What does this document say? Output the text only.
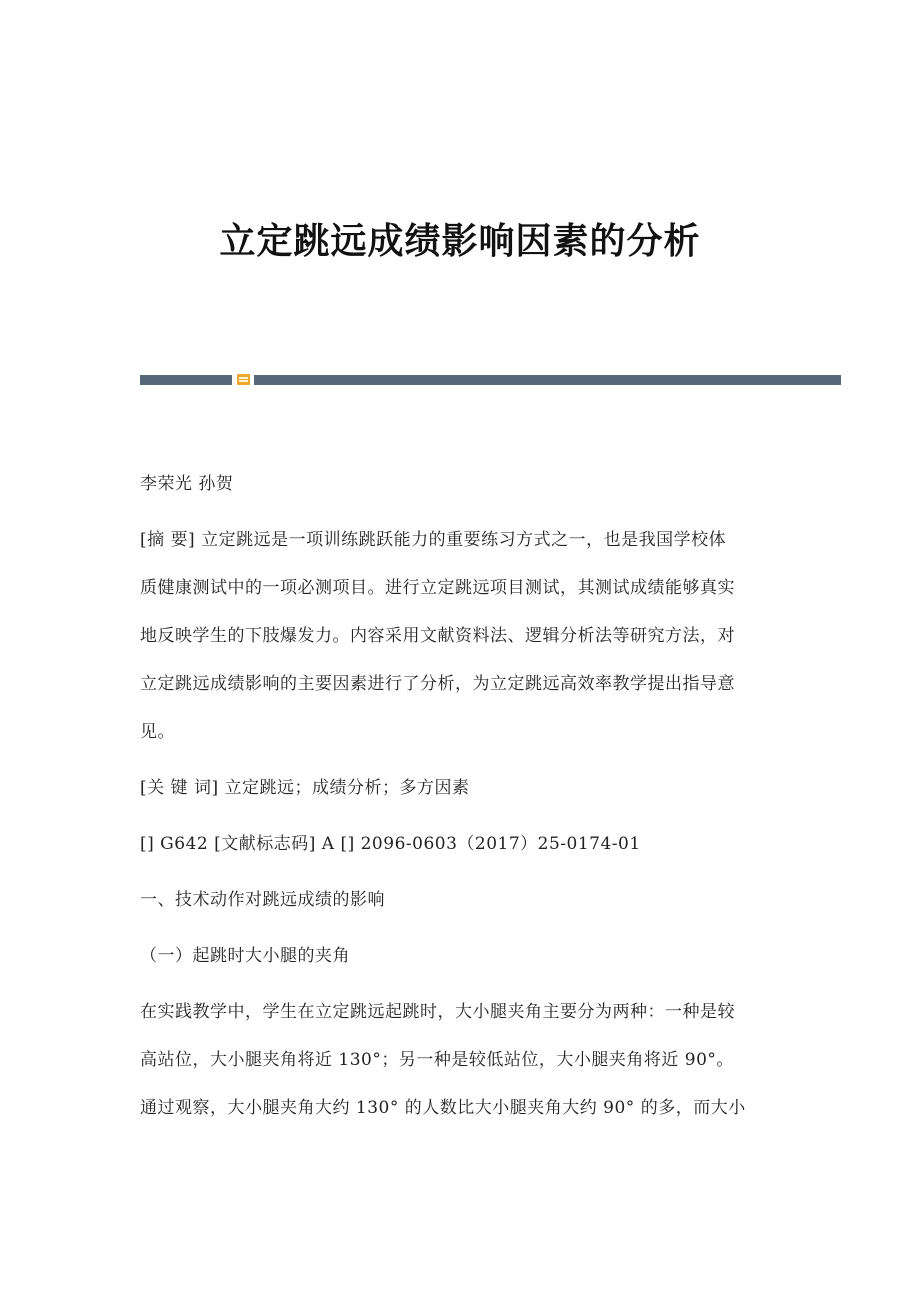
立定跳远成绩影响因素的分析
李荣光 孙贺
[摘 要] 立定跳远是一项训练跳跃能力的重要练习方式之一，也是我国学校体
质健康测试中的一项必测项目。进行立定跳远项目测试，其测试成绩能够真实
地反映学生的下肢爆发力。内容采用文献资料法、逻辑分析法等研究方法，对
立定跳远成绩影响的主要因素进行了分析，为立定跳远高效率教学提出指导意
见。
[关 键 词] 立定跳远；成绩分析；多方因素
[] G642 [文献标志码] A [] 2096-0603（2017）25-0174-01
一、技术动作对跳远成绩的影响
（一）起跳时大小腿的夹角
在实践教学中，学生在立定跳远起跳时，大小腿夹角主要分为两种：一种是较
高站位，大小腿夹角将近 130°；另一种是较低站位，大小腿夹角将近 90°。
通过观察，大小腿夹角大约 130° 的人数比大小腿夹角大约 90° 的多，而大小
